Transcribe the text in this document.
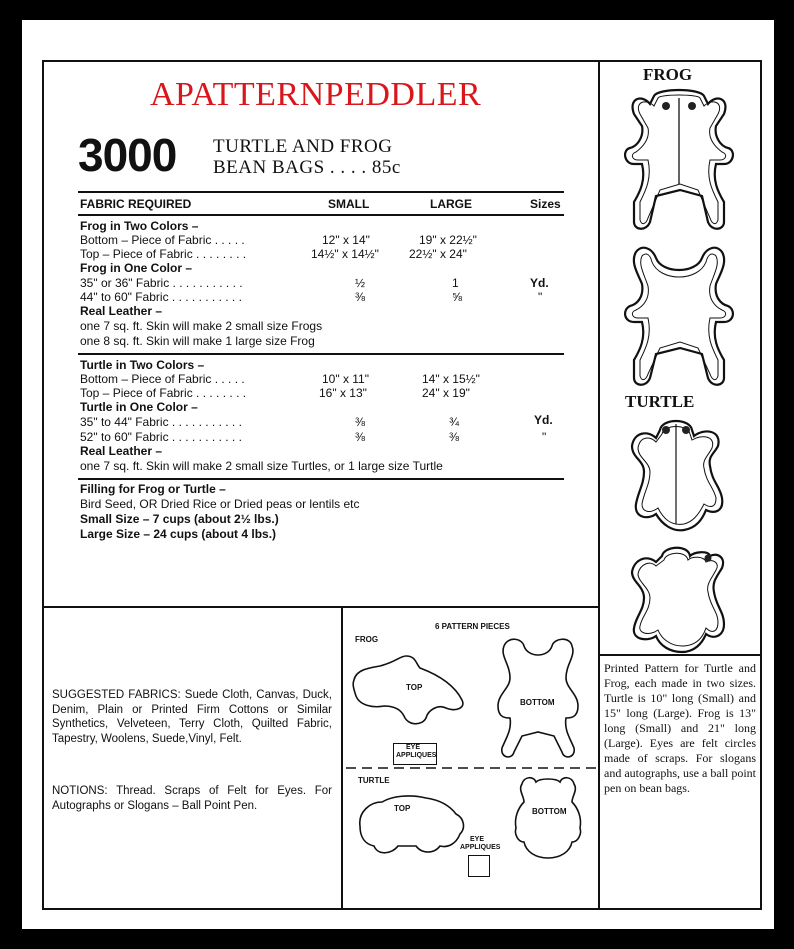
APATTERNPEDDLER
3000 TURTLE AND FROG
BEAN BAGS . . . . 85c
FABRIC REQUIRED	SMALL	LARGE	Sizes
Frog in Two Colors –
Bottom – Piece of Fabric . . . . .	12" x 14"	19" x 22½"
Top – Piece of Fabric . . . . . . . .	14½" x 14½"	22½" x 24"
Frog in One Color –
35" or 36" Fabric . . . . . . . . . . .	½	1	Yd.
44" to 60" Fabric . . . . . . . . . . .	⅜	⅝	"
Real Leather –
one 7 sq. ft. Skin will make 2 small size Frogs
one 8 sq. ft. Skin will make 1 large size Frog
Turtle in Two Colors –
Bottom – Piece of Fabric . . . . .	10" x 11"	14" x 15½"
Top – Piece of Fabric . . . . . . . .	16" x 13"	24" x 19"
Turtle in One Color –
35" to 44" Fabric . . . . . . . . . . .	⅜	¾	Yd.
52" to 60" Fabric . . . . . . . . . . .	⅜	⅜	"
Real Leather –
one 7 sq. ft. Skin will make 2 small size Turtles, or 1 large size Turtle
Filling for Frog or Turtle –
Bird Seed, OR Dried Rice or Dried peas or lentils etc
Small Size – 7 cups (about 2½ lbs.)
Large Size – 24 cups (about 4 lbs.)
FROG
TURTLE
Printed Pattern for Turtle and Frog, each made in two sizes. Turtle is 10" long (Small) and 15" long (Large). Frog is 13" long (Small) and 21" long (Large). Eyes are felt circles made of scraps. For slogans and autographs, use a ball point pen on bean bags.
SUGGESTED FABRICS: Suede Cloth, Canvas, Duck, Denim, Plain or Printed Firm Cottons or Similar Synthetics, Velveteen, Terry Cloth, Quilted Fabric, Tapestry, Woolens, Suede,Vinyl, Felt.
NOTIONS: Thread. Scraps of Felt for Eyes. For Autographs or Slogans – Ball Point Pen.
6 PATTERN PIECES
FROG
TOP
BOTTOM
EYE
APPLIQUES
TURTLE
TOP	BOTTOM
EYE
APPLIQUES
